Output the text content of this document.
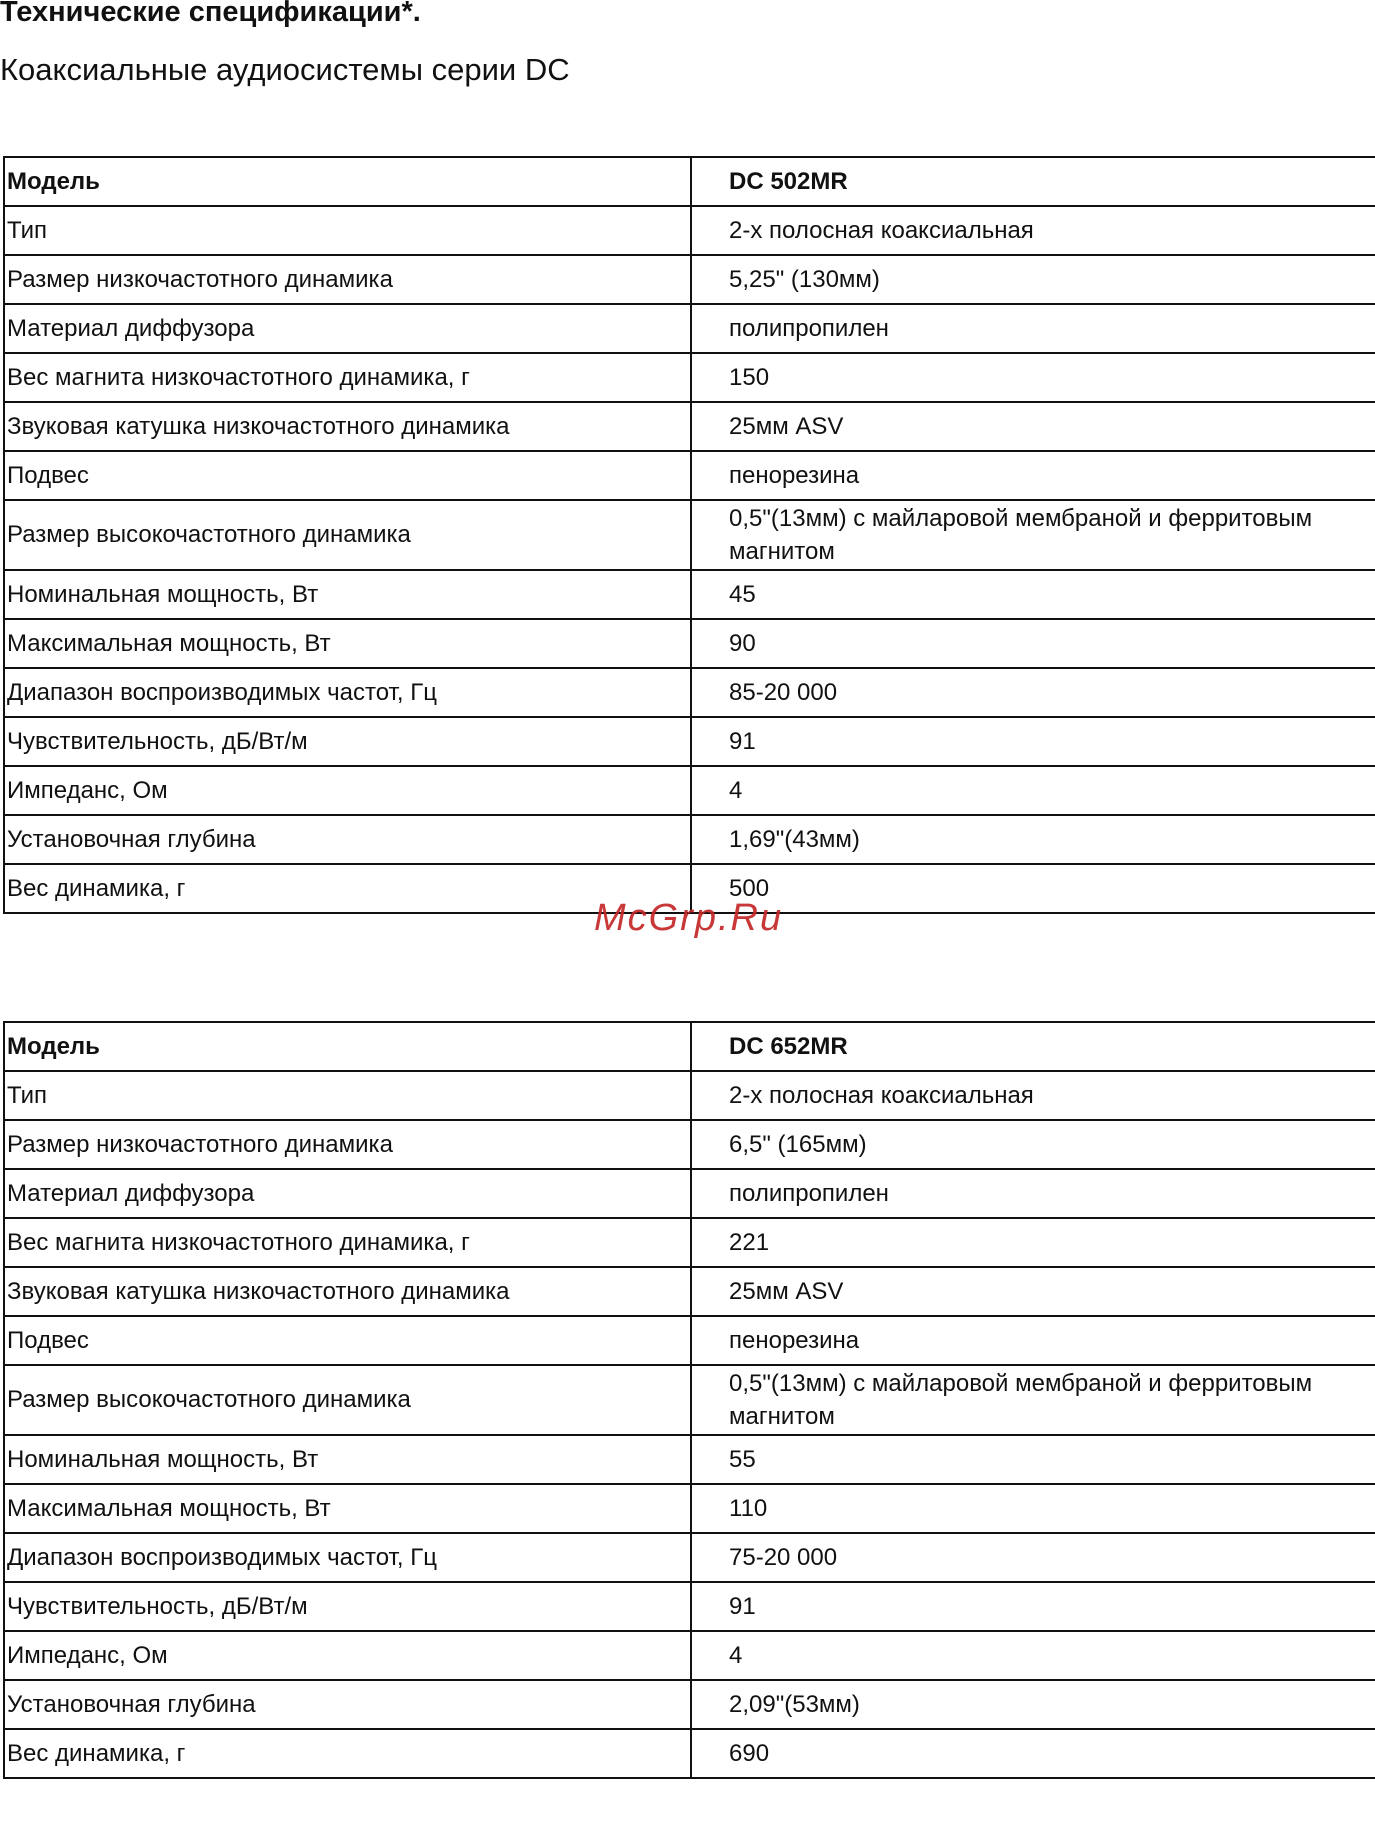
Технические спецификации*.
Коаксиальные аудиосистемы серии DC
Модель	DC 502MR
Тип	2-х полосная коаксиальная
Размер низкочастотного динамика	5,25" (130мм)
Материал диффузора	полипропилен
Вес магнита низкочастотного динамика, г	150
Звуковая катушка низкочастотного динамика	25мм ASV
Подвес	пенорезина
Размер высокочастотного динамика	0,5"(13мм) с майларовой мембраной и ферритовым магнитом
Номинальная мощность, Вт	45
Максимальная мощность, Вт	90
Диапазон воспроизводимых частот, Гц	85-20 000
Чувствительность, дБ/Вт/м	91
Импеданс, Ом	4
Установочная глубина	1,69"(43мм)
Вес динамика, г	500
Модель	DC 652MR
Тип	2-х полосная коаксиальная
Размер низкочастотного динамика	6,5" (165мм)
Материал диффузора	полипропилен
Вес магнита низкочастотного динамика, г	221
Звуковая катушка низкочастотного динамика	25мм ASV
Подвес	пенорезина
Размер высокочастотного динамика	0,5"(13мм) с майларовой мембраной и ферритовым магнитом
Номинальная мощность, Вт	55
Максимальная мощность, Вт	110
Диапазон воспроизводимых частот, Гц	75-20 000
Чувствительность, дБ/Вт/м	91
Импеданс, Ом	4
Установочная глубина	2,09"(53мм)
Вес динамика, г	690
McGrp.Ru
